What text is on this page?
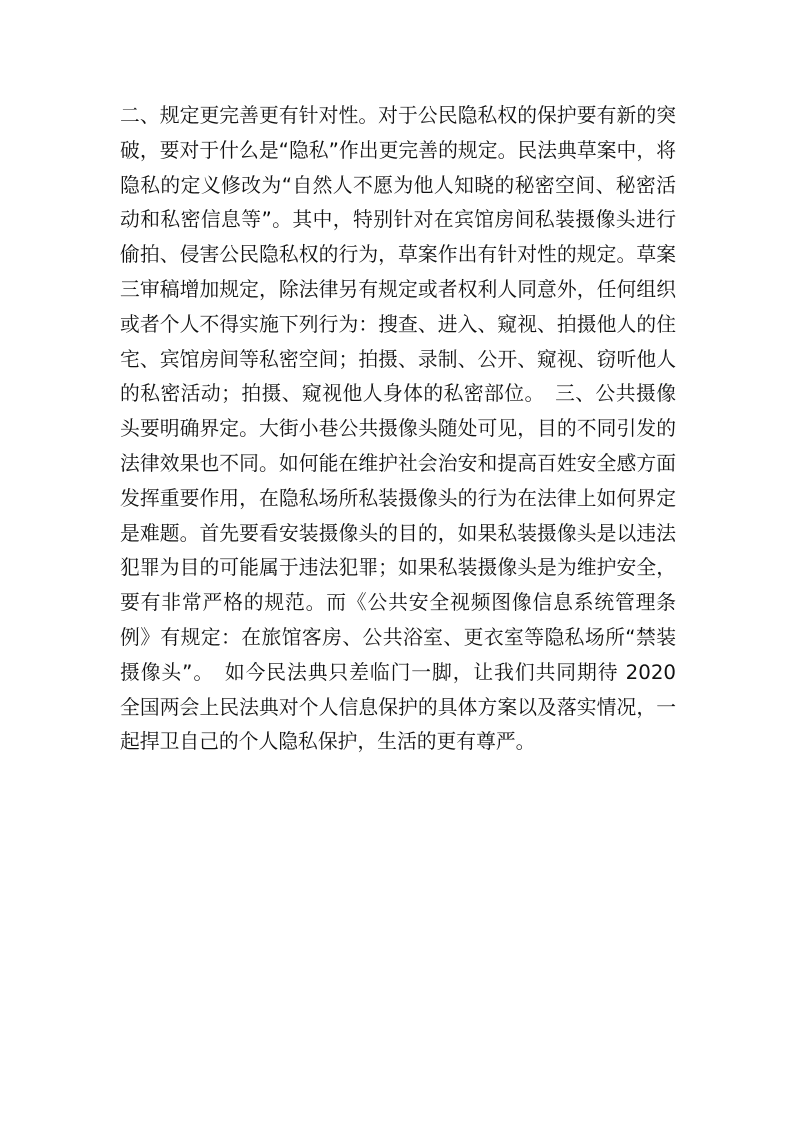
二、规定更完善更有针对性。对于公民隐私权的保护要有新的突破，要对于什么是“隐私”作出更完善的规定。民法典草案中，将隐私的定义修改为“自然人不愿为他人知晓的秘密空间、秘密活动和私密信息等”。其中，特别针对在宾馆房间私装摄像头进行偷拍、侵害公民隐私权的行为，草案作出有针对性的规定。草案三审稿增加规定，除法律另有规定或者权利人同意外，任何组织或者个人不得实施下列行为：搜查、进入、窥视、拍摄他人的住宅、宾馆房间等私密空间；拍摄、录制、公开、窥视、窃听他人的私密活动；拍摄、窥视他人身体的私密部位。　三、公共摄像头要明确界定。大街小巷公共摄像头随处可见，目的不同引发的法律效果也不同。如何能在维护社会治安和提高百姓安全感方面发挥重要作用，在隐私场所私装摄像头的行为在法律上如何界定是难题。首先要看安装摄像头的目的，如果私装摄像头是以违法犯罪为目的可能属于违法犯罪；如果私装摄像头是为维护安全，要有非常严格的规范。而《公共安全视频图像信息系统管理条例》有规定：在旅馆客房、公共浴室、更衣室等隐私场所“禁装摄像头”。　如今民法典只差临门一脚，让我们共同期待 2020 全国两会上民法典对个人信息保护的具体方案以及落实情况，一起捍卫自己的个人隐私保护，生活的更有尊严。
